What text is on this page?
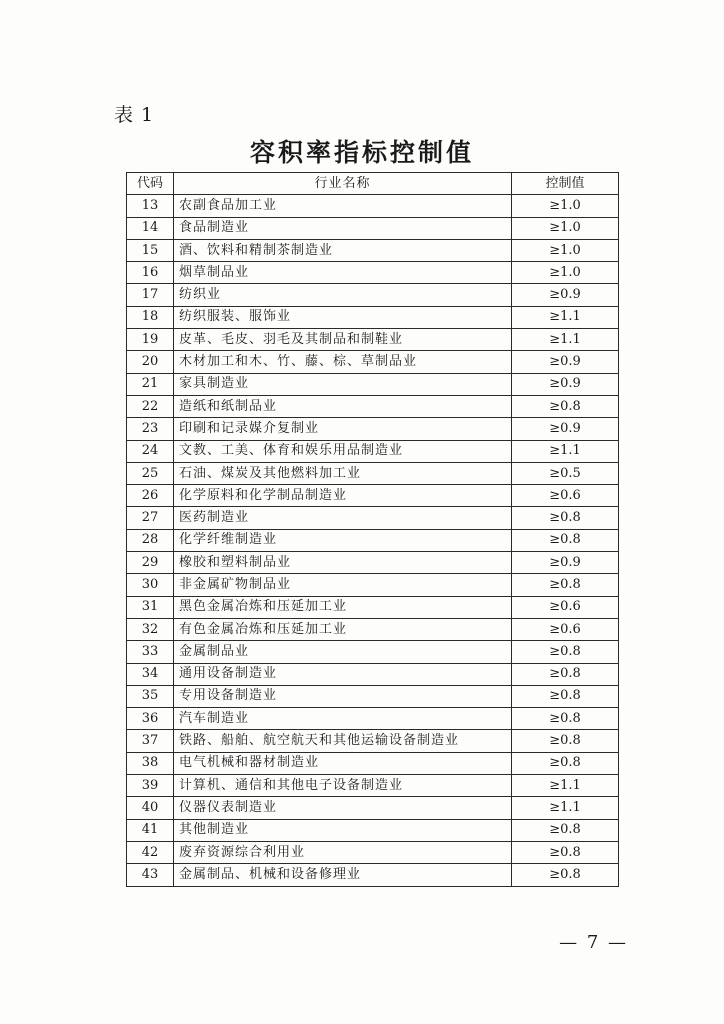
表 1
容积率指标控制值
代码	行业名称	控制值
13	农副食品加工业	≥1.0
14	食品制造业	≥1.0
15	酒、饮料和精制茶制造业	≥1.0
16	烟草制品业	≥1.0
17	纺织业	≥0.9
18	纺织服装、服饰业	≥1.1
19	皮革、毛皮、羽毛及其制品和制鞋业	≥1.1
20	木材加工和木、竹、藤、棕、草制品业	≥0.9
21	家具制造业	≥0.9
22	造纸和纸制品业	≥0.8
23	印刷和记录媒介复制业	≥0.9
24	文教、工美、体育和娱乐用品制造业	≥1.1
25	石油、煤炭及其他燃料加工业	≥0.5
26	化学原料和化学制品制造业	≥0.6
27	医药制造业	≥0.8
28	化学纤维制造业	≥0.8
29	橡胶和塑料制品业	≥0.9
30	非金属矿物制品业	≥0.8
31	黑色金属冶炼和压延加工业	≥0.6
32	有色金属冶炼和压延加工业	≥0.6
33	金属制品业	≥0.8
34	通用设备制造业	≥0.8
35	专用设备制造业	≥0.8
36	汽车制造业	≥0.8
37	铁路、船舶、航空航天和其他运输设备制造业	≥0.8
38	电气机械和器材制造业	≥0.8
39	计算机、通信和其他电子设备制造业	≥1.1
40	仪器仪表制造业	≥1.1
41	其他制造业	≥0.8
42	废弃资源综合利用业	≥0.8
43	金属制品、机械和设备修理业	≥0.8
— 7 —
